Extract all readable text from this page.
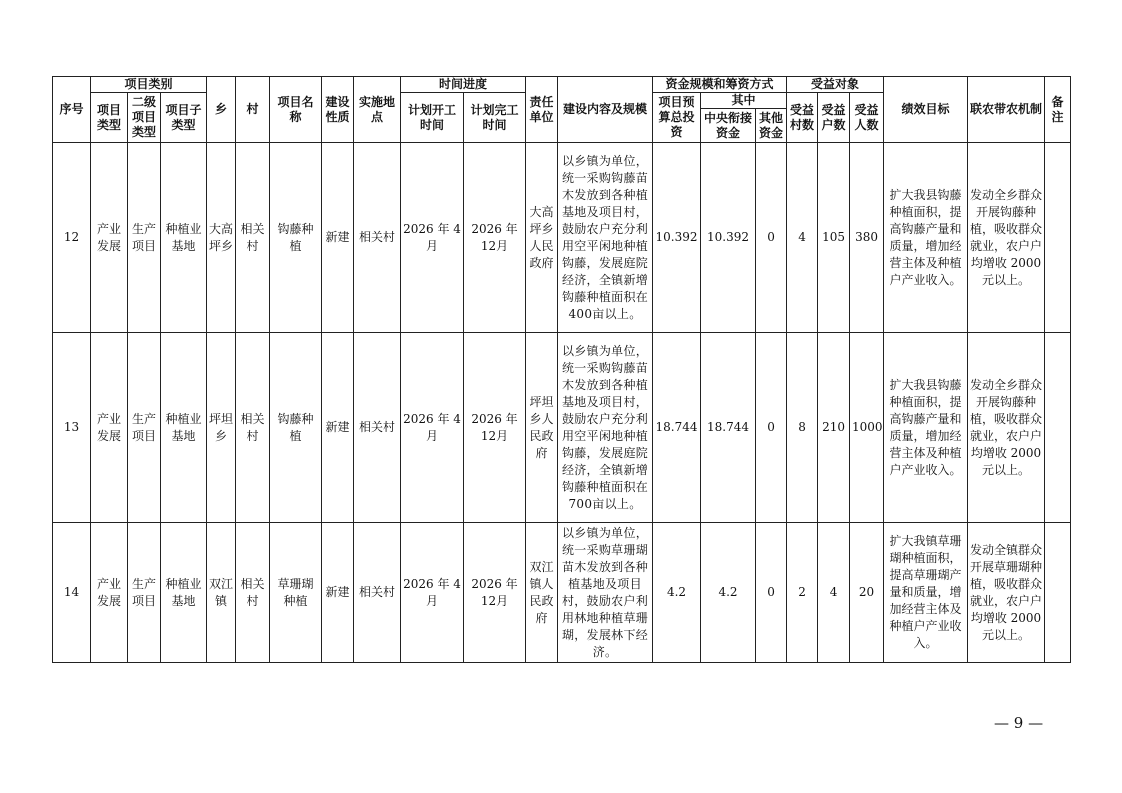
序号	项目类别			乡	村	项目名称	建设性质	实施地点	时间进度		责任单位	建设内容及规模	资金规模和筹资方式			受益对象			绩效目标	联农带农机制	备注
	项目类型	二级项目类型	项目子类型						计划开工时间	计划完工时间			项目预算总投资	其中		受益村数	受益户数	受益人数			
														中央衔接资金	其他资金						
12	产业发展	生产项目	种植业基地	大高坪乡	相关村	钩藤种植	新建	相关村	2026 年 4 月	2026 年 12月	大高坪乡人民政府	以乡镇为单位，统一采购钩藤苗木发放到各种植基地及项目村，鼓励农户充分利用空平闲地种植钩藤，发展庭院经济，全镇新增钩藤种植面积在400亩以上。	10.392	10.392	0	4	105	380	扩大我县钩藤种植面积，提高钩藤产量和质量，增加经营主体及种植户产业收入。	发动全乡群众开展钩藤种植，吸收群众就业，农户户均增收 2000 元以上。	
13	产业发展	生产项目	种植业基地	坪坦乡	相关村	钩藤种植	新建	相关村	2026 年 4 月	2026 年 12月	坪坦乡人民政府	以乡镇为单位，统一采购钩藤苗木发放到各种植基地及项目村，鼓励农户充分利用空平闲地种植钩藤，发展庭院经济，全镇新增钩藤种植面积在700亩以上。	18.744	18.744	0	8	210	1000	扩大我县钩藤种植面积，提高钩藤产量和质量，增加经营主体及种植户产业收入。	发动全乡群众开展钩藤种植，吸收群众就业，农户户均增收 2000 元以上。	
14	产业发展	生产项目	种植业基地	双江镇	相关村	草珊瑚种植	新建	相关村	2026 年 4 月	2026 年 12月	双江镇人民政府	以乡镇为单位，统一采购草珊瑚苗木发放到各种植基地及项目村，鼓励农户利用林地种植草珊瑚，发展林下经济。	4.2	4.2	0	2	4	20	扩大我镇草珊瑚种植面积，提高草珊瑚产量和质量，增加经营主体及种植户产业收入。	发动全镇群众开展草珊瑚种植，吸收群众就业，农户户均增收 2000 元以上。	
— 9 —
